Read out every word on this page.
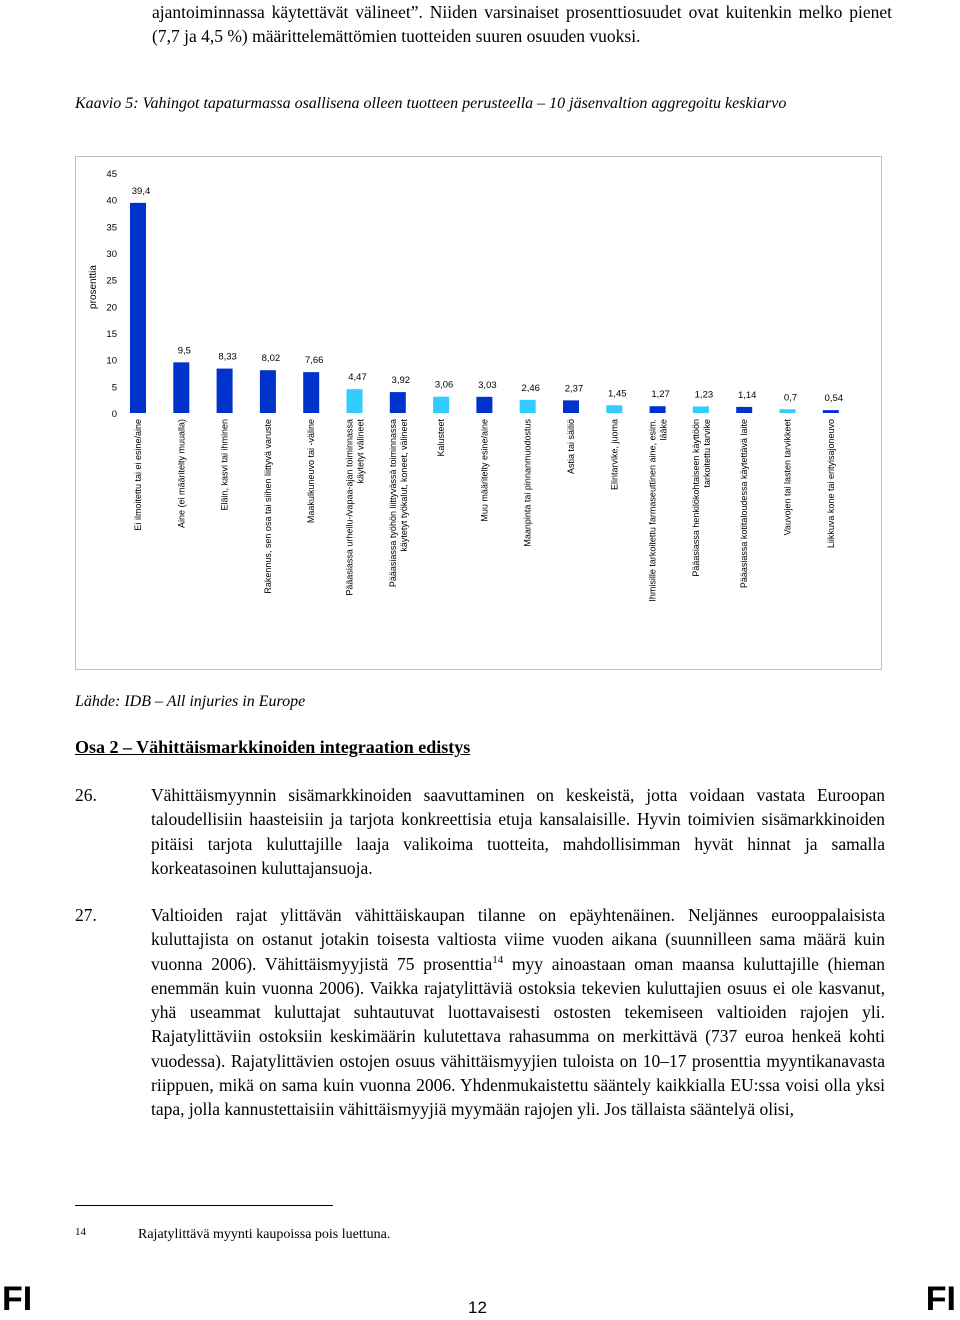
ajantoiminnassa käytettävät välineet”. Niiden varsinaiset prosenttiosuudet ovat kuitenkin melko pienet (7,7 ja 4,5 %) määrittelemättömien tuotteiden suuren osuuden vuoksi.
Kaavio 5: Vahingot tapaturmassa osallisena olleen tuotteen perusteella – 10 jäsenvaltion aggregoitu keskiarvo
0
5
10
15
20
25
30
35
40
45
prosenttia
39,4
Ei ilmoitettu tai ei esine/aine
9,5
Aine (ei määritelty muualla)
8,33
Eläin, kasvi tai ihminen
8,02
Rakennus, sen osa tai siihen liittyvä varuste
7,66
Maakulkuneuvo tai -väline
4,47
Pääasiassa urheilu-/vapaa-ajan toiminnassakäytetyt välineet
3,92
Pääasiassa työhön liittyvässä toiminnassakäytetyt työkalut, koneet, välineet
3,06
Kalusteet
3,03
Muu määritelty esine/aine
2,46
Maanpinta tai pinnanmuodostus
2,37
Astia tai säiliö
1,45
Elintarvike, juoma
1,27
Ihmisille tarkoitettu farmaseuttinen aine, esim.lääke
1,23
Pääasiassa henkilökohtaiseen käyttööntarkoitettu tarvike
1,14
Pääasiassa kotitaloudessa käytettävä laite
0,7
Vauvojen tai lasten tarvikkeet
0,54
Liikkuva kone tai erityisajoneuvo
Lähde: IDB – All injuries in Europe
Osa 2 – Vähittäismarkkinoiden integraation edistys
26.	Vähittäismyynnin sisämarkkinoiden saavuttaminen on keskeistä, jotta voidaan vastata Euroopan taloudellisiin haasteisiin ja tarjota konkreettisia etuja kansalaisille. Hyvin toimivien sisämarkkinoiden pitäisi tarjota kuluttajille laaja valikoima tuotteita, mahdollisimman hyvät hinnat ja samalla korkeatasoinen kuluttajansuoja.
27.	Valtioiden rajat ylittävän vähittäiskaupan tilanne on epäyhtenäinen. Neljännes eurooppalaisista kuluttajista on ostanut jotakin toisesta valtiosta viime vuoden aikana (suunnilleen sama määrä kuin vuonna 2006). Vähittäismyyjistä 75 prosenttia$^{14}$ myy ainoastaan oman maansa kuluttajille (hieman enemmän kuin vuonna 2006). Vaikka rajatylittäviä ostoksia tekevien kuluttajien osuus ei ole kasvanut, yhä useammat kuluttajat suhtautuvat luottavaisesti ostosten tekemiseen valtioiden rajojen yli. Rajatylittäviin ostoksiin keskimäärin kulutettava rahasumma on merkittävä (737 euroa henkeä kohti vuodessa). Rajatylittävien ostojen osuus vähittäismyyjien tuloista on 10–17 prosenttia myyntikanavasta riippuen, mikä on sama kuin vuonna 2006. Yhdenmukaistettu sääntely kaikkialla EU:ssa voisi olla yksi tapa, jolla kannustettaisiin vähittäismyyjiä myymään rajojen yli. Jos tällaista sääntelyä olisi,
14	Rajatylittävä myynti kaupoissa pois luettuna.
FI	12	FI
